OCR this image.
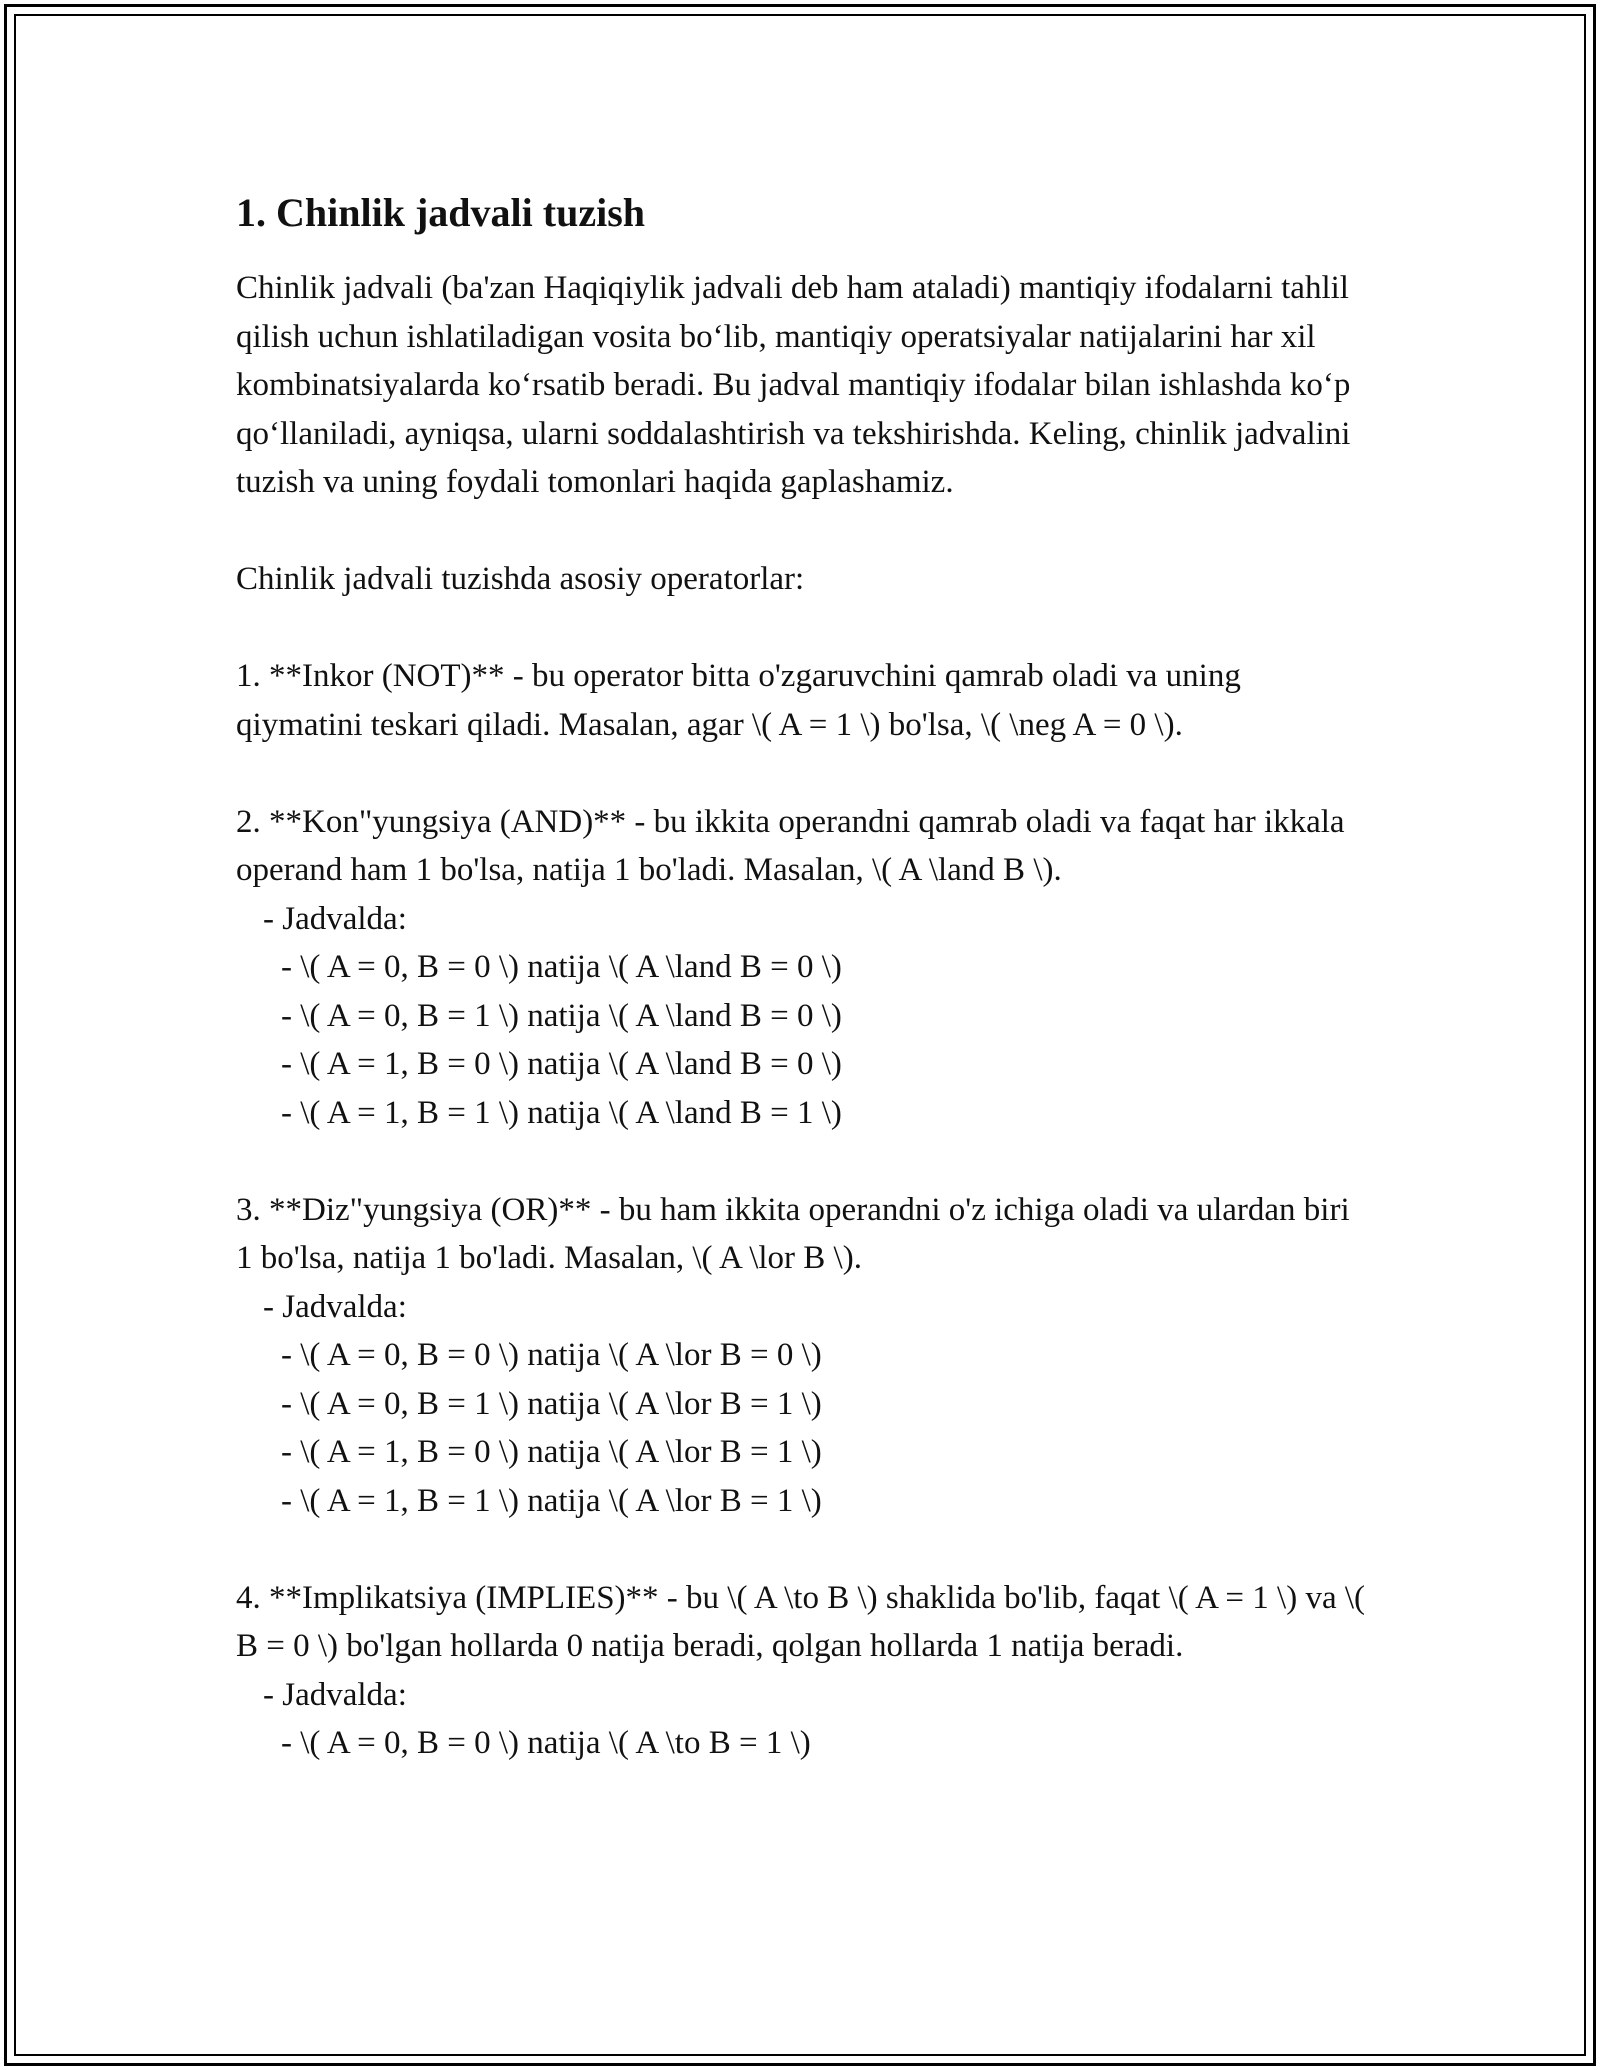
1. Chinlik jadvali tuzish

Chinlik jadvali (ba'zan Haqiqiylik jadvali deb ham ataladi) mantiqiy ifodalarni tahlil qilish uchun ishlatiladigan vosita bo‘lib, mantiqiy operatsiyalar natijalarini har xil kombinatsiyalarda ko‘rsatib beradi. Bu jadval mantiqiy ifodalar bilan ishlashda ko‘p qo‘llaniladi, ayniqsa, ularni soddalashtirish va tekshirishda. Keling, chinlik jadvalini tuzish va uning foydali tomonlari haqida gaplashamiz.

Chinlik jadvali tuzishda asosiy operatorlar:

1. **Inkor (NOT)** - bu operator bitta o'zgaruvchini qamrab oladi va uning qiymatini teskari qiladi. Masalan, agar \( A = 1 \) bo'lsa, \( \neg A = 0 \).

2. **Kon"yungsiya (AND)** - bu ikkita operandni qamrab oladi va faqat har ikkala operand ham 1 bo'lsa, natija 1 bo'ladi. Masalan, \( A \land B \).

- Jadvalda:

- \( A = 0, B = 0 \) natija \( A \land B = 0 \)

- \( A = 0, B = 1 \) natija \( A \land B = 0 \)

- \( A = 1, B = 0 \) natija \( A \land B = 0 \)

- \( A = 1, B = 1 \) natija \( A \land B = 1 \)

3. **Diz"yungsiya (OR)** - bu ham ikkita operandni o'z ichiga oladi va ulardan biri 1 bo'lsa, natija 1 bo'ladi. Masalan, \( A \lor B \).

- Jadvalda:

- \( A = 0, B = 0 \) natija \( A \lor B = 0 \)

- \( A = 0, B = 1 \) natija \( A \lor B = 1 \)

- \( A = 1, B = 0 \) natija \( A \lor B = 1 \)

- \( A = 1, B = 1 \) natija \( A \lor B = 1 \)

4. **Implikatsiya (IMPLIES)** - bu \( A \to B \) shaklida bo'lib, faqat \( A = 1 \) va \( B = 0 \) bo'lgan hollarda 0 natija beradi, qolgan hollarda 1 natija beradi.

- Jadvalda:

- \( A = 0, B = 0 \) natija \( A \to B = 1 \)
